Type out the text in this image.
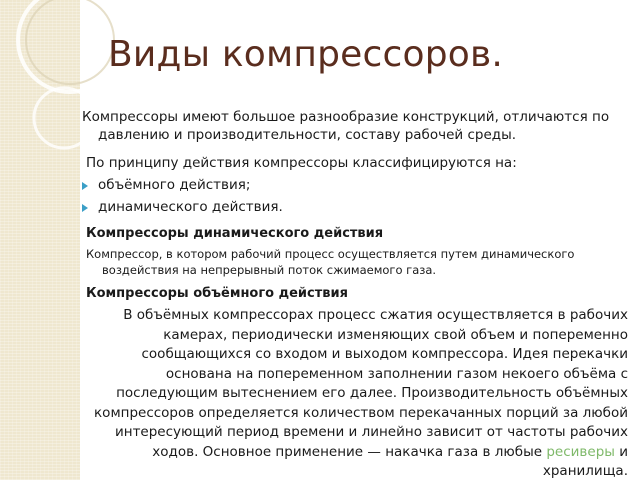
Виды компрессоров.

Компрессоры имеют большое разнообразие конструкций, отличаются по давлению и производительности, составу рабочей среды.

По принципу действия компрессоры классифицируются на:

объёмного действия;
динамического действия.

Компрессоры динамического действия

Компрессор, в котором рабочий процесс осуществляется путем динамического воздействия на непрерывный поток сжимаемого газа.

Компрессоры объёмного действия

В объёмных компрессорах процесс сжатия осуществляется в рабочих камерах, периодически изменяющих свой объем и попеременно сообщающихся со входом и выходом компрессора. Идея перекачки основана на попеременном заполнении газом некоего объёма с последующим вытеснением его далее. Производительность объёмных компрессоров определяется количеством перекачанных порций за любой интересующий период времени и линейно зависит от частоты рабочих ходов. Основное применение — накачка газа в любые ресиверы и хранилища.
